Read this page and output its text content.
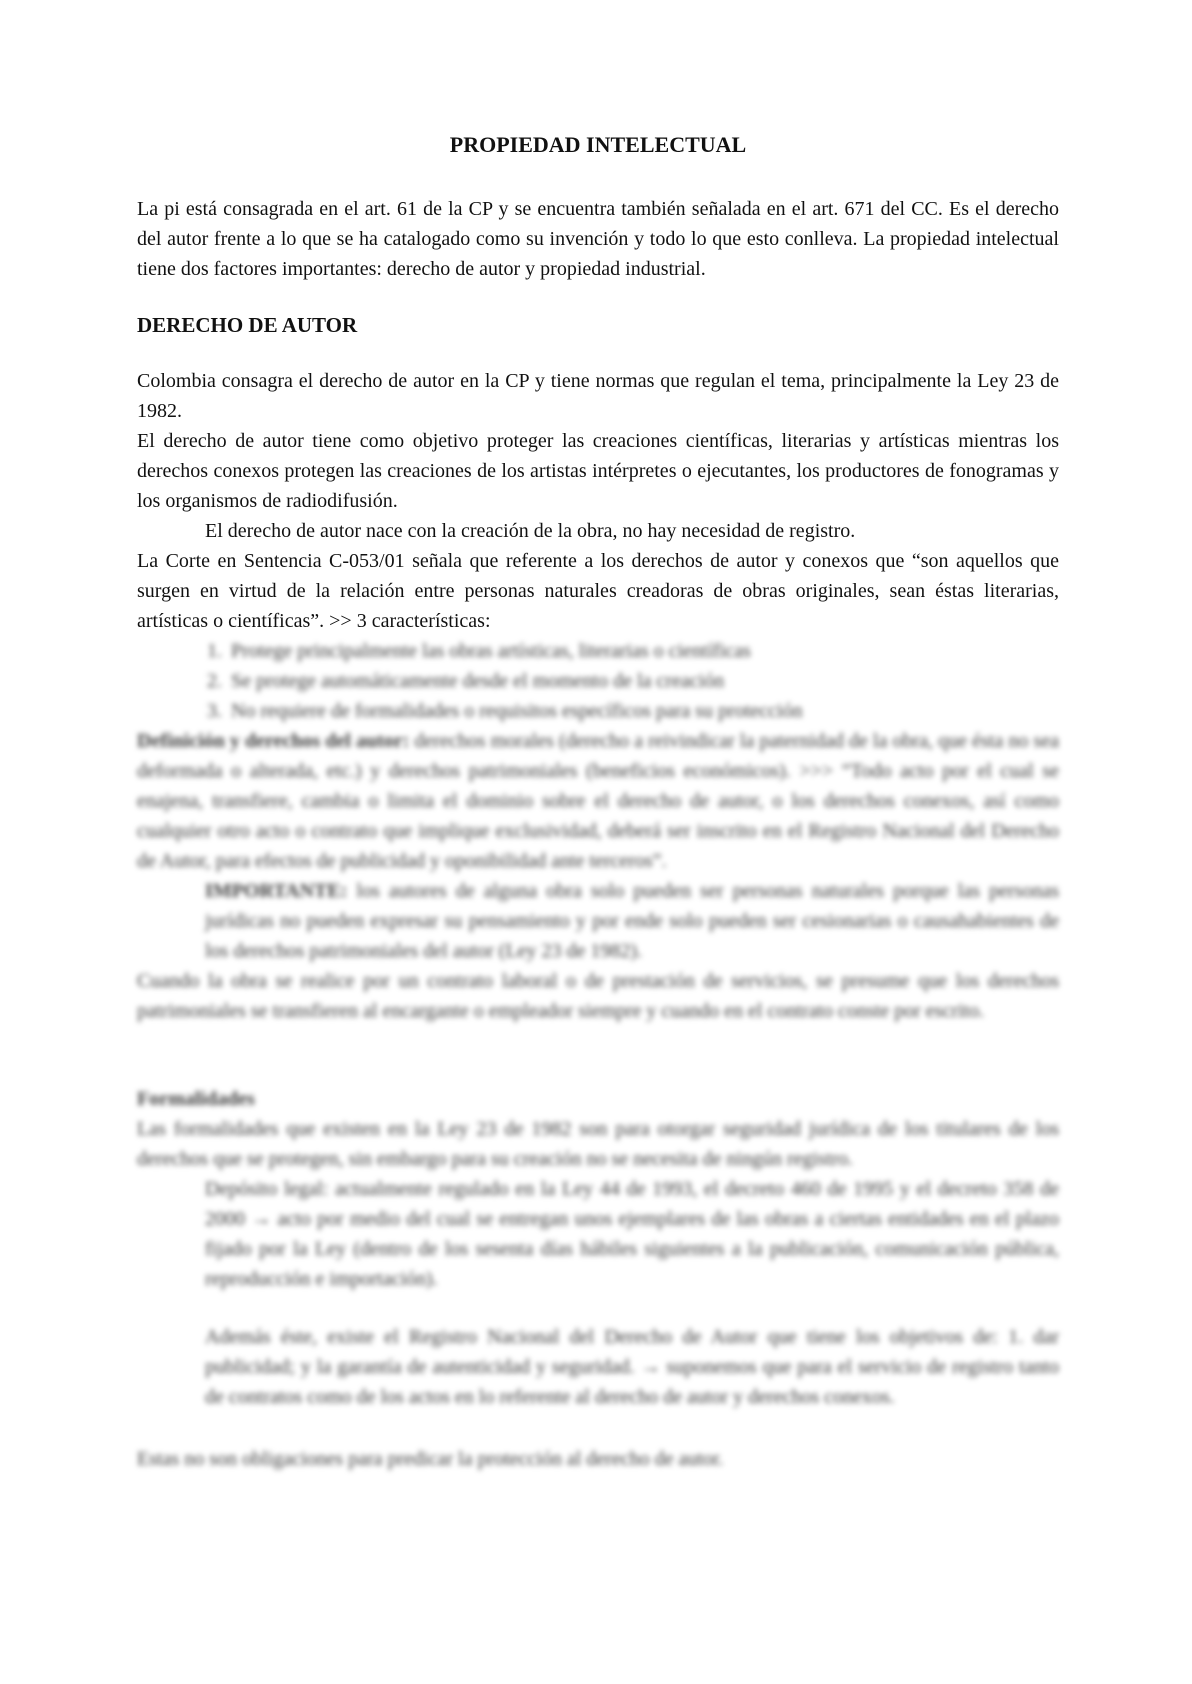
PROPIEDAD INTELECTUAL

La pi está consagrada en el art. 61 de la CP y se encuentra también señalada en el art. 671 del CC. Es el derecho del autor frente a lo que se ha catalogado como su invención y todo lo que esto conlleva. La propiedad intelectual tiene dos factores importantes: derecho de autor y propiedad industrial.

DERECHO DE AUTOR

Colombia consagra el derecho de autor en la CP y tiene normas que regulan el tema, principalmente la Ley 23 de 1982.

El derecho de autor tiene como objetivo proteger las creaciones científicas, literarias y artísticas mientras los derechos conexos protegen las creaciones de los artistas intérpretes o ejecutantes, los productores de fonogramas y los organismos de radiodifusión.

El derecho de autor nace con la creación de la obra, no hay necesidad de registro.

La Corte en Sentencia C-053/01 señala que referente a los derechos de autor y conexos que “son aquellos que surgen en virtud de la relación entre personas naturales creadoras de obras originales, sean éstas literarias, artísticas o científicas”. >> 3 características:

1. Protege principalmente las obras artísticas, literarias o científicas
2. Se protege automáticamente desde el momento de la creación
3. No requiere de formalidades o requisitos específicos para su protección

Definición y derechos del autor: derechos morales (derecho a reivindicar la paternidad de la obra, que ésta no sea deformada o alterada, etc.) y derechos patrimoniales (beneficios económicos). >>> “Todo acto por el cual se enajena, transfiere, cambia o limita el dominio sobre el derecho de autor, o los derechos conexos, así como cualquier otro acto o contrato que implique exclusividad, deberá ser inscrito en el Registro Nacional del Derecho de Autor, para efectos de publicidad y oponibilidad ante terceros”.

IMPORTANTE: los autores de alguna obra solo pueden ser personas naturales porque las personas jurídicas no pueden expresar su pensamiento y por ende solo pueden ser cesionarias o causahabientes de los derechos patrimoniales del autor (Ley 23 de 1982).

Cuando la obra se realice por un contrato laboral o de prestación de servicios, se presume que los derechos patrimoniales se transfieren al encargante o empleador siempre y cuando en el contrato conste por escrito.

Formalidades

Las formalidades que existen en la Ley 23 de 1982 son para otorgar seguridad jurídica de los titulares de los derechos que se protegen, sin embargo para su creación no se necesita de ningún registro.

Depósito legal: actualmente regulado en la Ley 44 de 1993, el decreto 460 de 1995 y el decreto 358 de 2000 → acto por medio del cual se entregan unos ejemplares de las obras a ciertas entidades en el plazo fijado por la Ley (dentro de los sesenta días hábiles siguientes a la publicación, comunicación pública, reproducción e importación).

Además éste, existe el Registro Nacional del Derecho de Autor que tiene los objetivos de: 1. dar publicidad; y la garantía de autenticidad y seguridad. → suponemos que para el servicio de registro tanto de contratos como de los actos en lo referente al derecho de autor y derechos conexos.

Estas no son obligaciones para predicar la protección al derecho de autor.
